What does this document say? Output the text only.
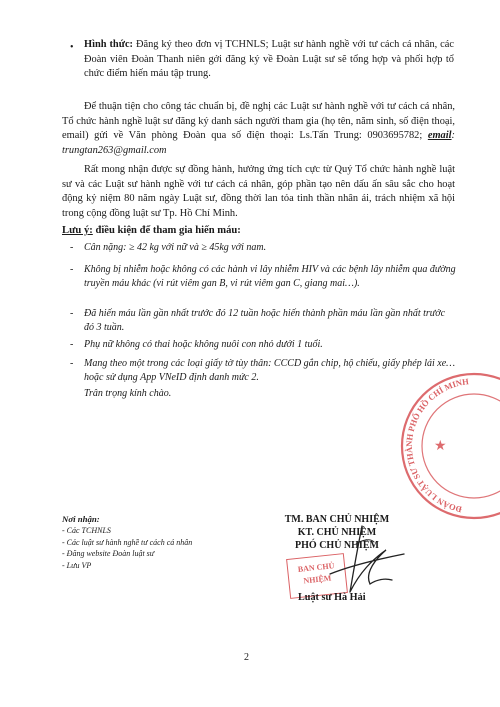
• Hình thức: Đăng ký theo đơn vị TCHNLS; Luật sư hành nghề với tư cách cá nhân, các Đoàn viên Đoàn Thanh niên gởi đăng ký về Đoàn Luật sư sẽ tổng hợp và phối hợp tổ chức điểm hiến máu tập trung.
Để thuận tiện cho công tác chuẩn bị, đề nghị các Luật sư hành nghề với tư cách cá nhân, Tổ chức hành nghề luật sư đăng ký danh sách người tham gia (họ tên, năm sinh, số điện thoại, email) gửi về Văn phòng Đoàn qua số điện thoại: Ls.Tấn Trung: 0903695782; email: trungtan263@gmail.com
Rất mong nhận được sự đồng hành, hưởng ứng tích cực từ Quý Tổ chức hành nghề luật sư và các Luật sư hành nghề với tư cách cá nhân, góp phần tạo nên dấu ấn sâu sắc cho hoạt động kỷ niệm 80 năm ngày Luật sư, đồng thời lan tỏa tinh thần nhân ái, trách nhiệm xã hội trong cộng đồng luật sư Tp. Hồ Chí Minh.
Lưu ý: điều kiện để tham gia hiến máu:
- Cân nặng: ≥ 42 kg với nữ và ≥ 45kg với nam.
- Không bị nhiễm hoặc không có các hành vi lây nhiễm HIV và các bệnh lây nhiễm qua đường truyền máu khác (vi rút viêm gan B, vi rút viêm gan C, giang mai…).
- Đã hiến máu lần gần nhất trước đó 12 tuần hoặc hiến thành phần máu lần gần nhất trước đó 3 tuần.
- Phụ nữ không có thai hoặc không nuôi con nhỏ dưới 1 tuổi.
- Mang theo một trong các loại giấy tờ tùy thân: CCCD gắn chip, hộ chiếu, giấy phép lái xe… hoặc sử dụng App VNeID định danh mức 2.
Trân trọng kính chào.
Nơi nhận:
- Các TCHNLS
- Các luật sư hành nghề tư cách cá nhân
- Đăng website Đoàn luật sư
- Lưu VP
TM. BAN CHỦ NHIỆM
KT. CHỦ NHIỆM
PHÓ CHỦ NHIỆM
BAN CHỦ NHIỆM
ĐOÀN LUẬT SƯ THÀNH PHỐ HỒ CHÍ MINH
★
Luật sư Hà Hải
2
